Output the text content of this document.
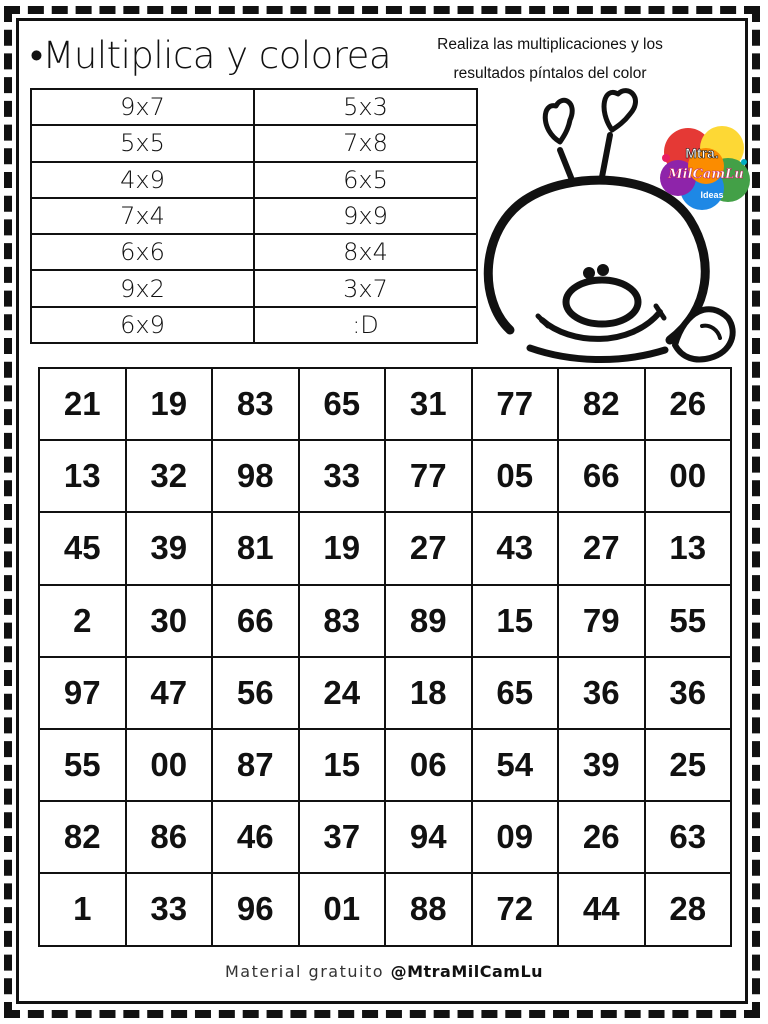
•Multiplica y colorea	Realiza las multiplicaciones y los
resultados píntalos del color
9x7	5x3
5x5	7x8
4x9	6x5
7x4	9x9
6x6	8x4
9x2	3x7
6x9	:D
Mtra.
MilCamLu
Ideas
21	19	83	65	31	77	82	26
13	32	98	33	77	05	66	00
45	39	81	19	27	43	27	13
2	30	66	83	89	15	79	55
97	47	56	24	18	65	36	36
55	00	87	15	06	54	39	25
82	86	46	37	94	09	26	63
1	33	96	01	88	72	44	28
Material gratuito @MtraMilCamLu
